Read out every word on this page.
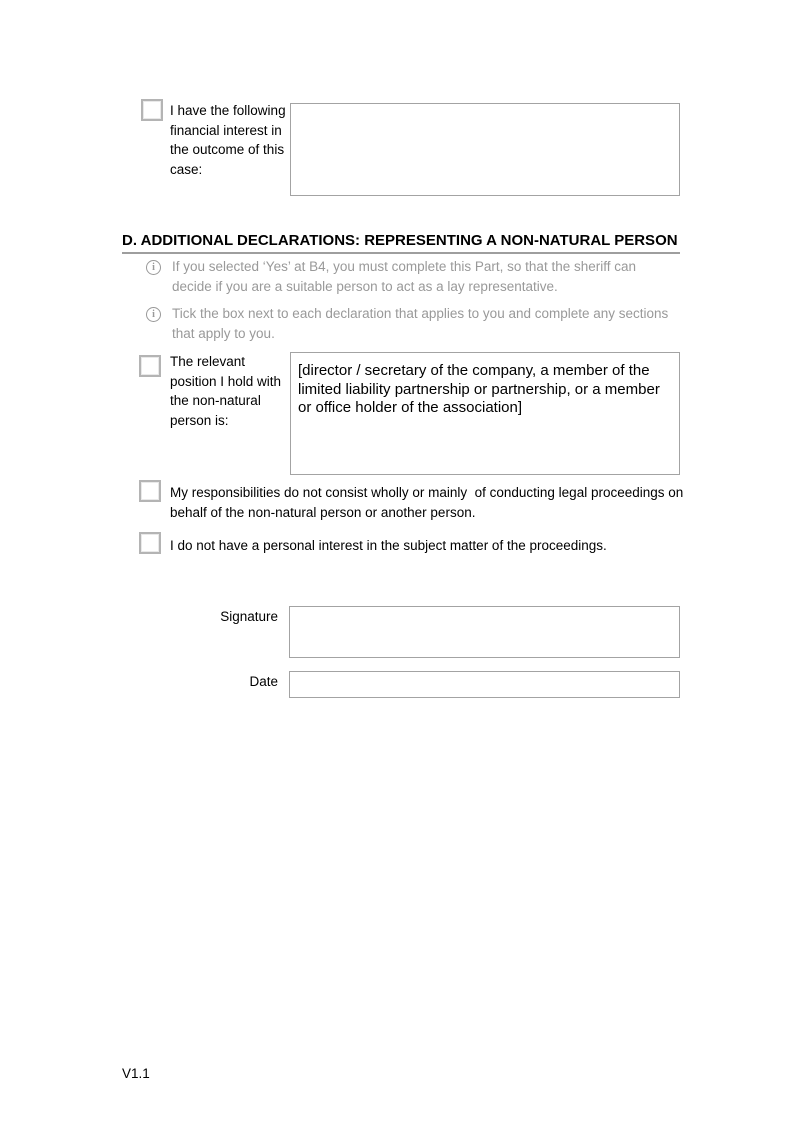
I have the following financial interest in the outcome of this case:
D. ADDITIONAL DECLARATIONS: REPRESENTING A NON-NATURAL PERSON
i	If you selected ‘Yes’ at B4, you must complete this Part, so that the sheriff can decide if you are a suitable person to act as a lay representative.
i	Tick the box next to each declaration that applies to you and complete any sections that apply to you.
The relevant position I hold with the non-natural person is:
[director / secretary of the company, a member of the limited liability partnership or partnership, or a member or office holder of the association]
My responsibilities do not consist wholly or mainly  of conducting legal proceedings on behalf of the non-natural person or another person.
I do not have a personal interest in the subject matter of the proceedings.
Signature
Date
V1.1
